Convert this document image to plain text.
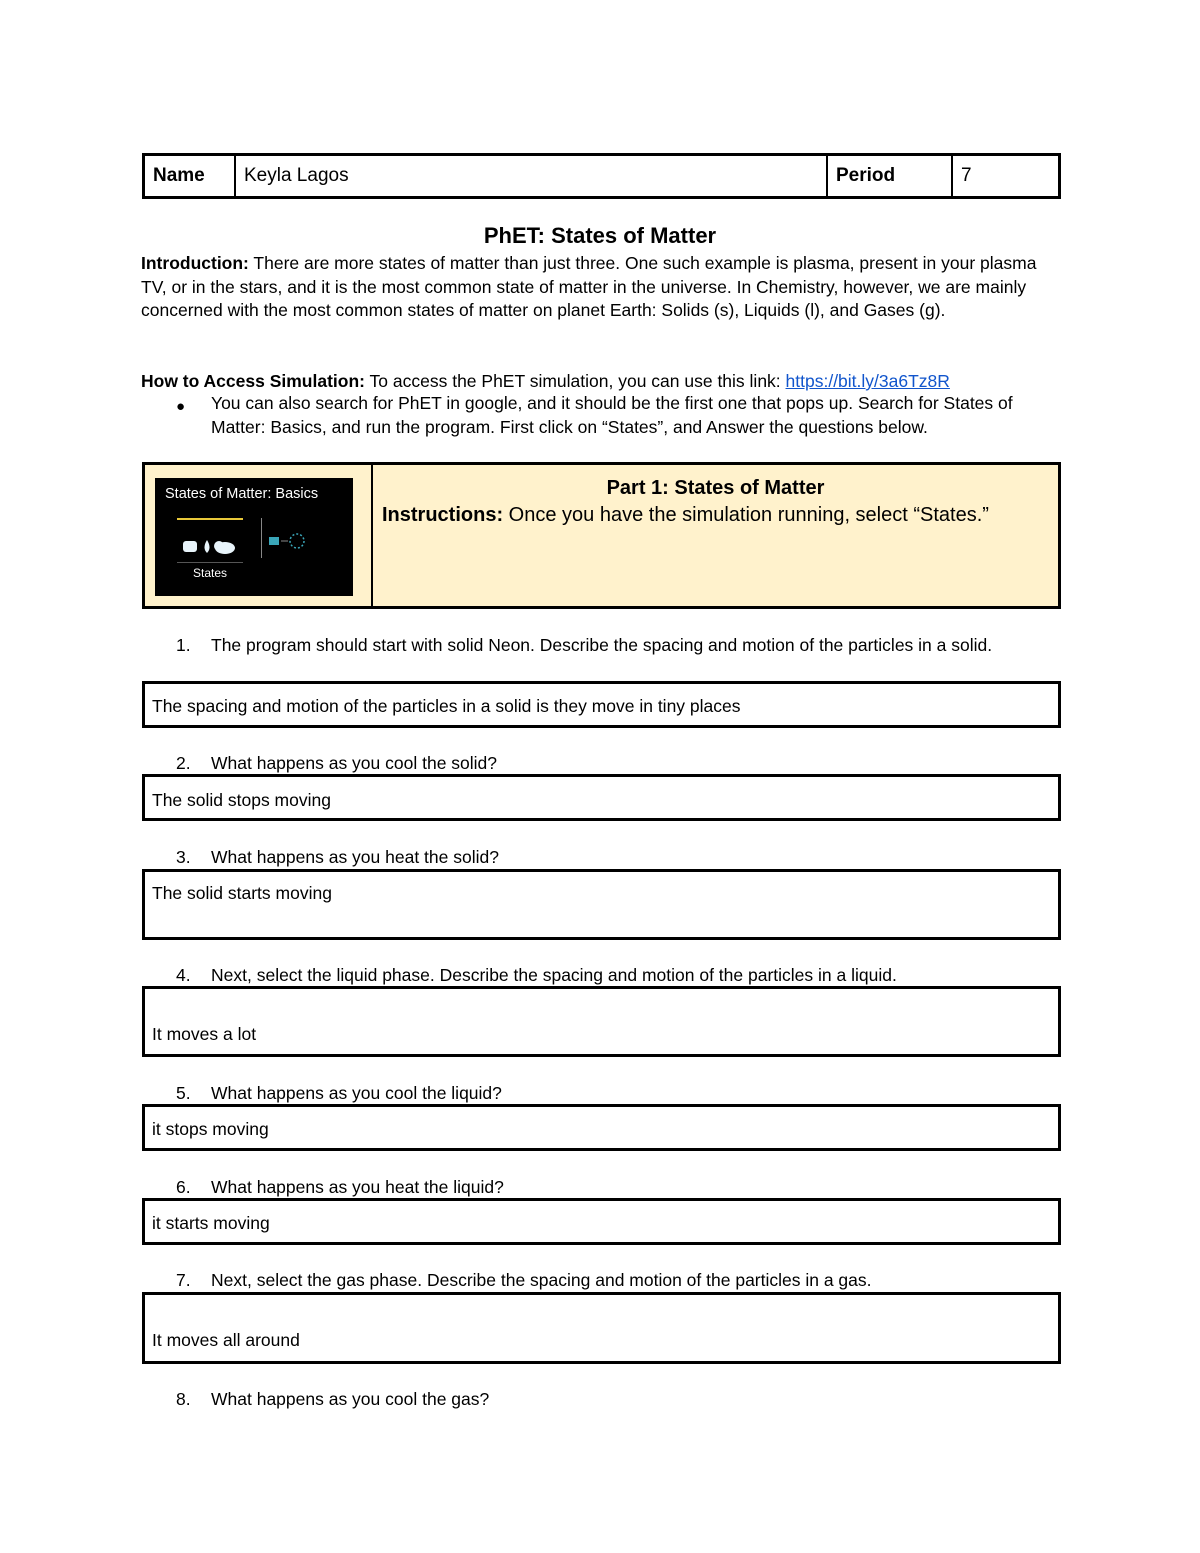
Name	Keyla Lagos	Period	7
PhET: States of Matter
Introduction: There are more states of matter than just three. One such example is plasma, present in your plasma TV, or in the stars, and it is the most common state of matter in the universe. In Chemistry, however, we are mainly concerned with the most common states of matter on planet Earth: Solids (s), Liquids (l), and Gases (g).
How to Access Simulation: To access the PhET simulation, you can use this link: https://bit.ly/3a6Tz8R
● You can also search for PhET in google, and it should be the first one that pops up. Search for States of Matter: Basics, and run the program. First click on “States”, and Answer the questions below.
States of Matter: Basics
States
Part 1: States of Matter
Instructions: Once you have the simulation running, select “States.”
1. The program should start with solid Neon. Describe the spacing and motion of the particles in a solid.
The spacing and motion of the particles in a solid is they move in tiny places
2. What happens as you cool the solid?
The solid stops moving
3. What happens as you heat the solid?
The solid starts moving
4. Next, select the liquid phase. Describe the spacing and motion of the particles in a liquid.
It moves a lot
5. What happens as you cool the liquid?
it stops moving
6. What happens as you heat the liquid?
it starts moving
7. Next, select the gas phase. Describe the spacing and motion of the particles in a gas.
It moves all around
8. What happens as you cool the gas?
